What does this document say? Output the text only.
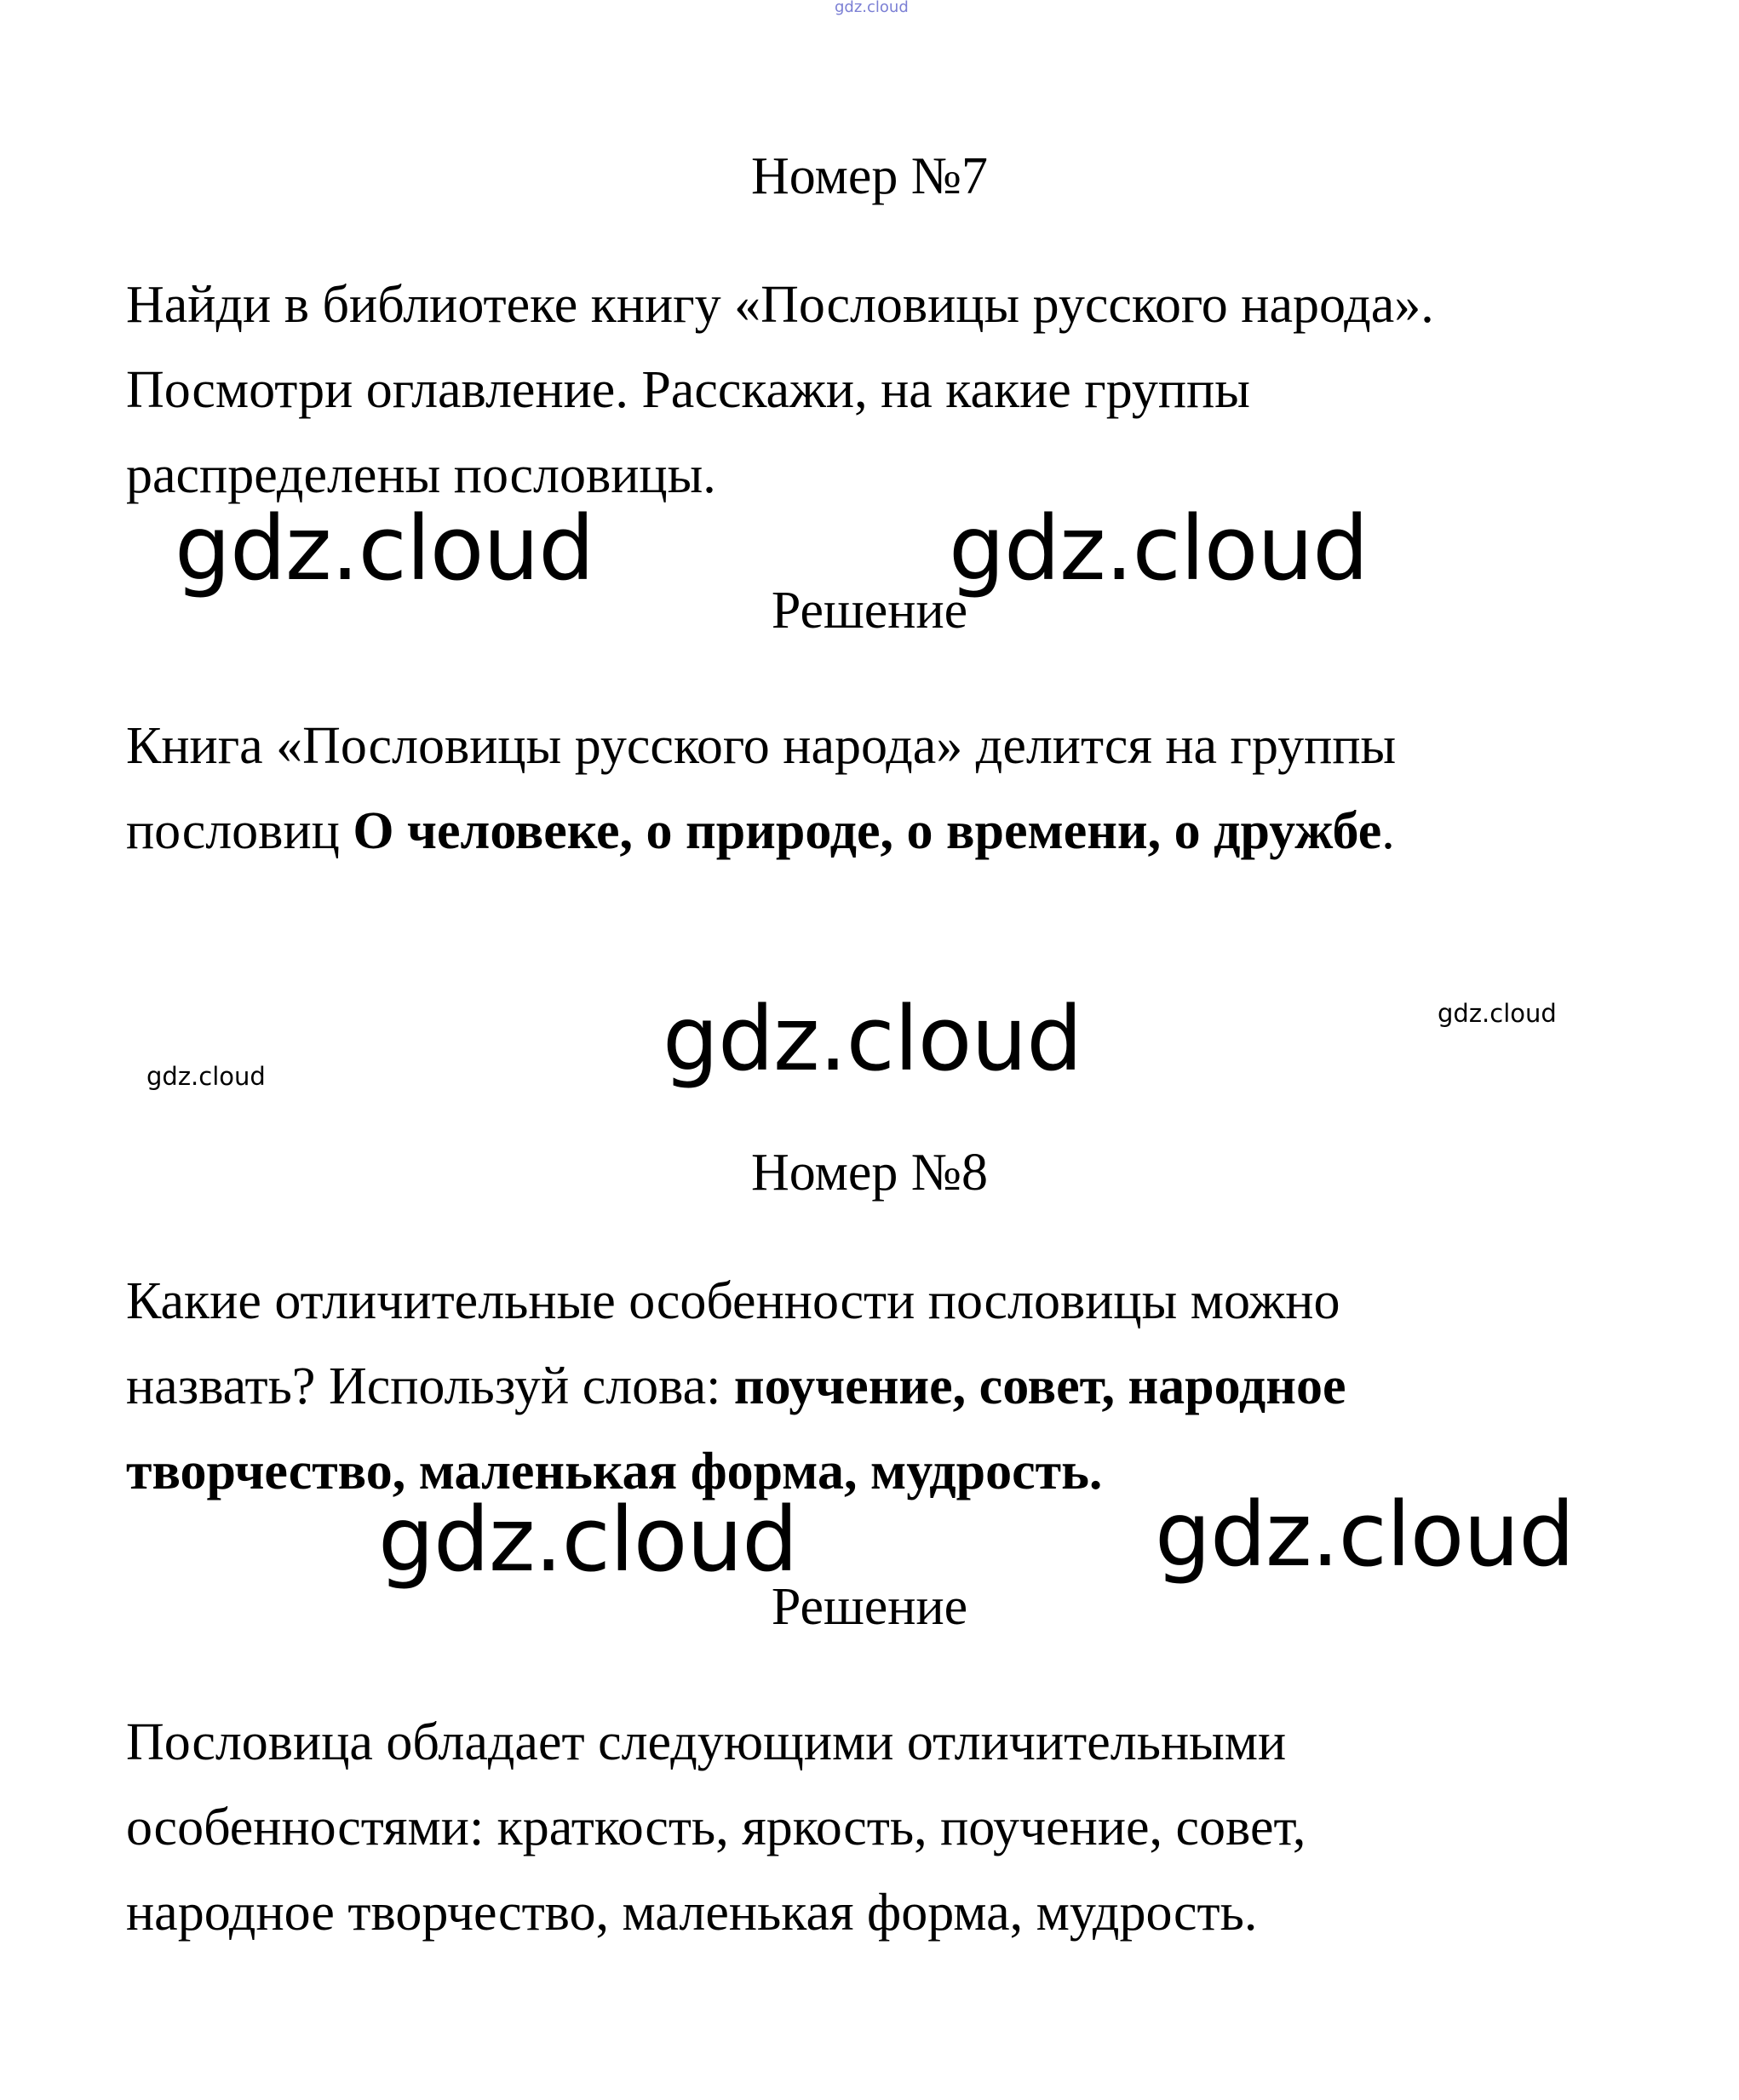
gdz.cloud
Номер №7
Найди в библиотеке книгу «Пословицы русского народа».
Посмотри оглавление. Расскажи, на какие группы
распределены пословицы.
Решение
gdz.cloud	gdz.cloud
Книга «Пословицы русского народа» делится на группы
пословиц О человеке, о природе, о времени, о дружбе.
gdz.cloud	gdz.cloud
gdz.cloud
Номер №8
Какие отличительные особенности пословицы можно
назвать? Используй слова: поучение, совет, народное
творчество, маленькая форма, мудрость.
gdz.cloud	gdz.cloud
Решение
Пословица обладает следующими отличительными
особенностями: краткость, яркость, поучение, совет,
народное творчество, маленькая форма, мудрость.
